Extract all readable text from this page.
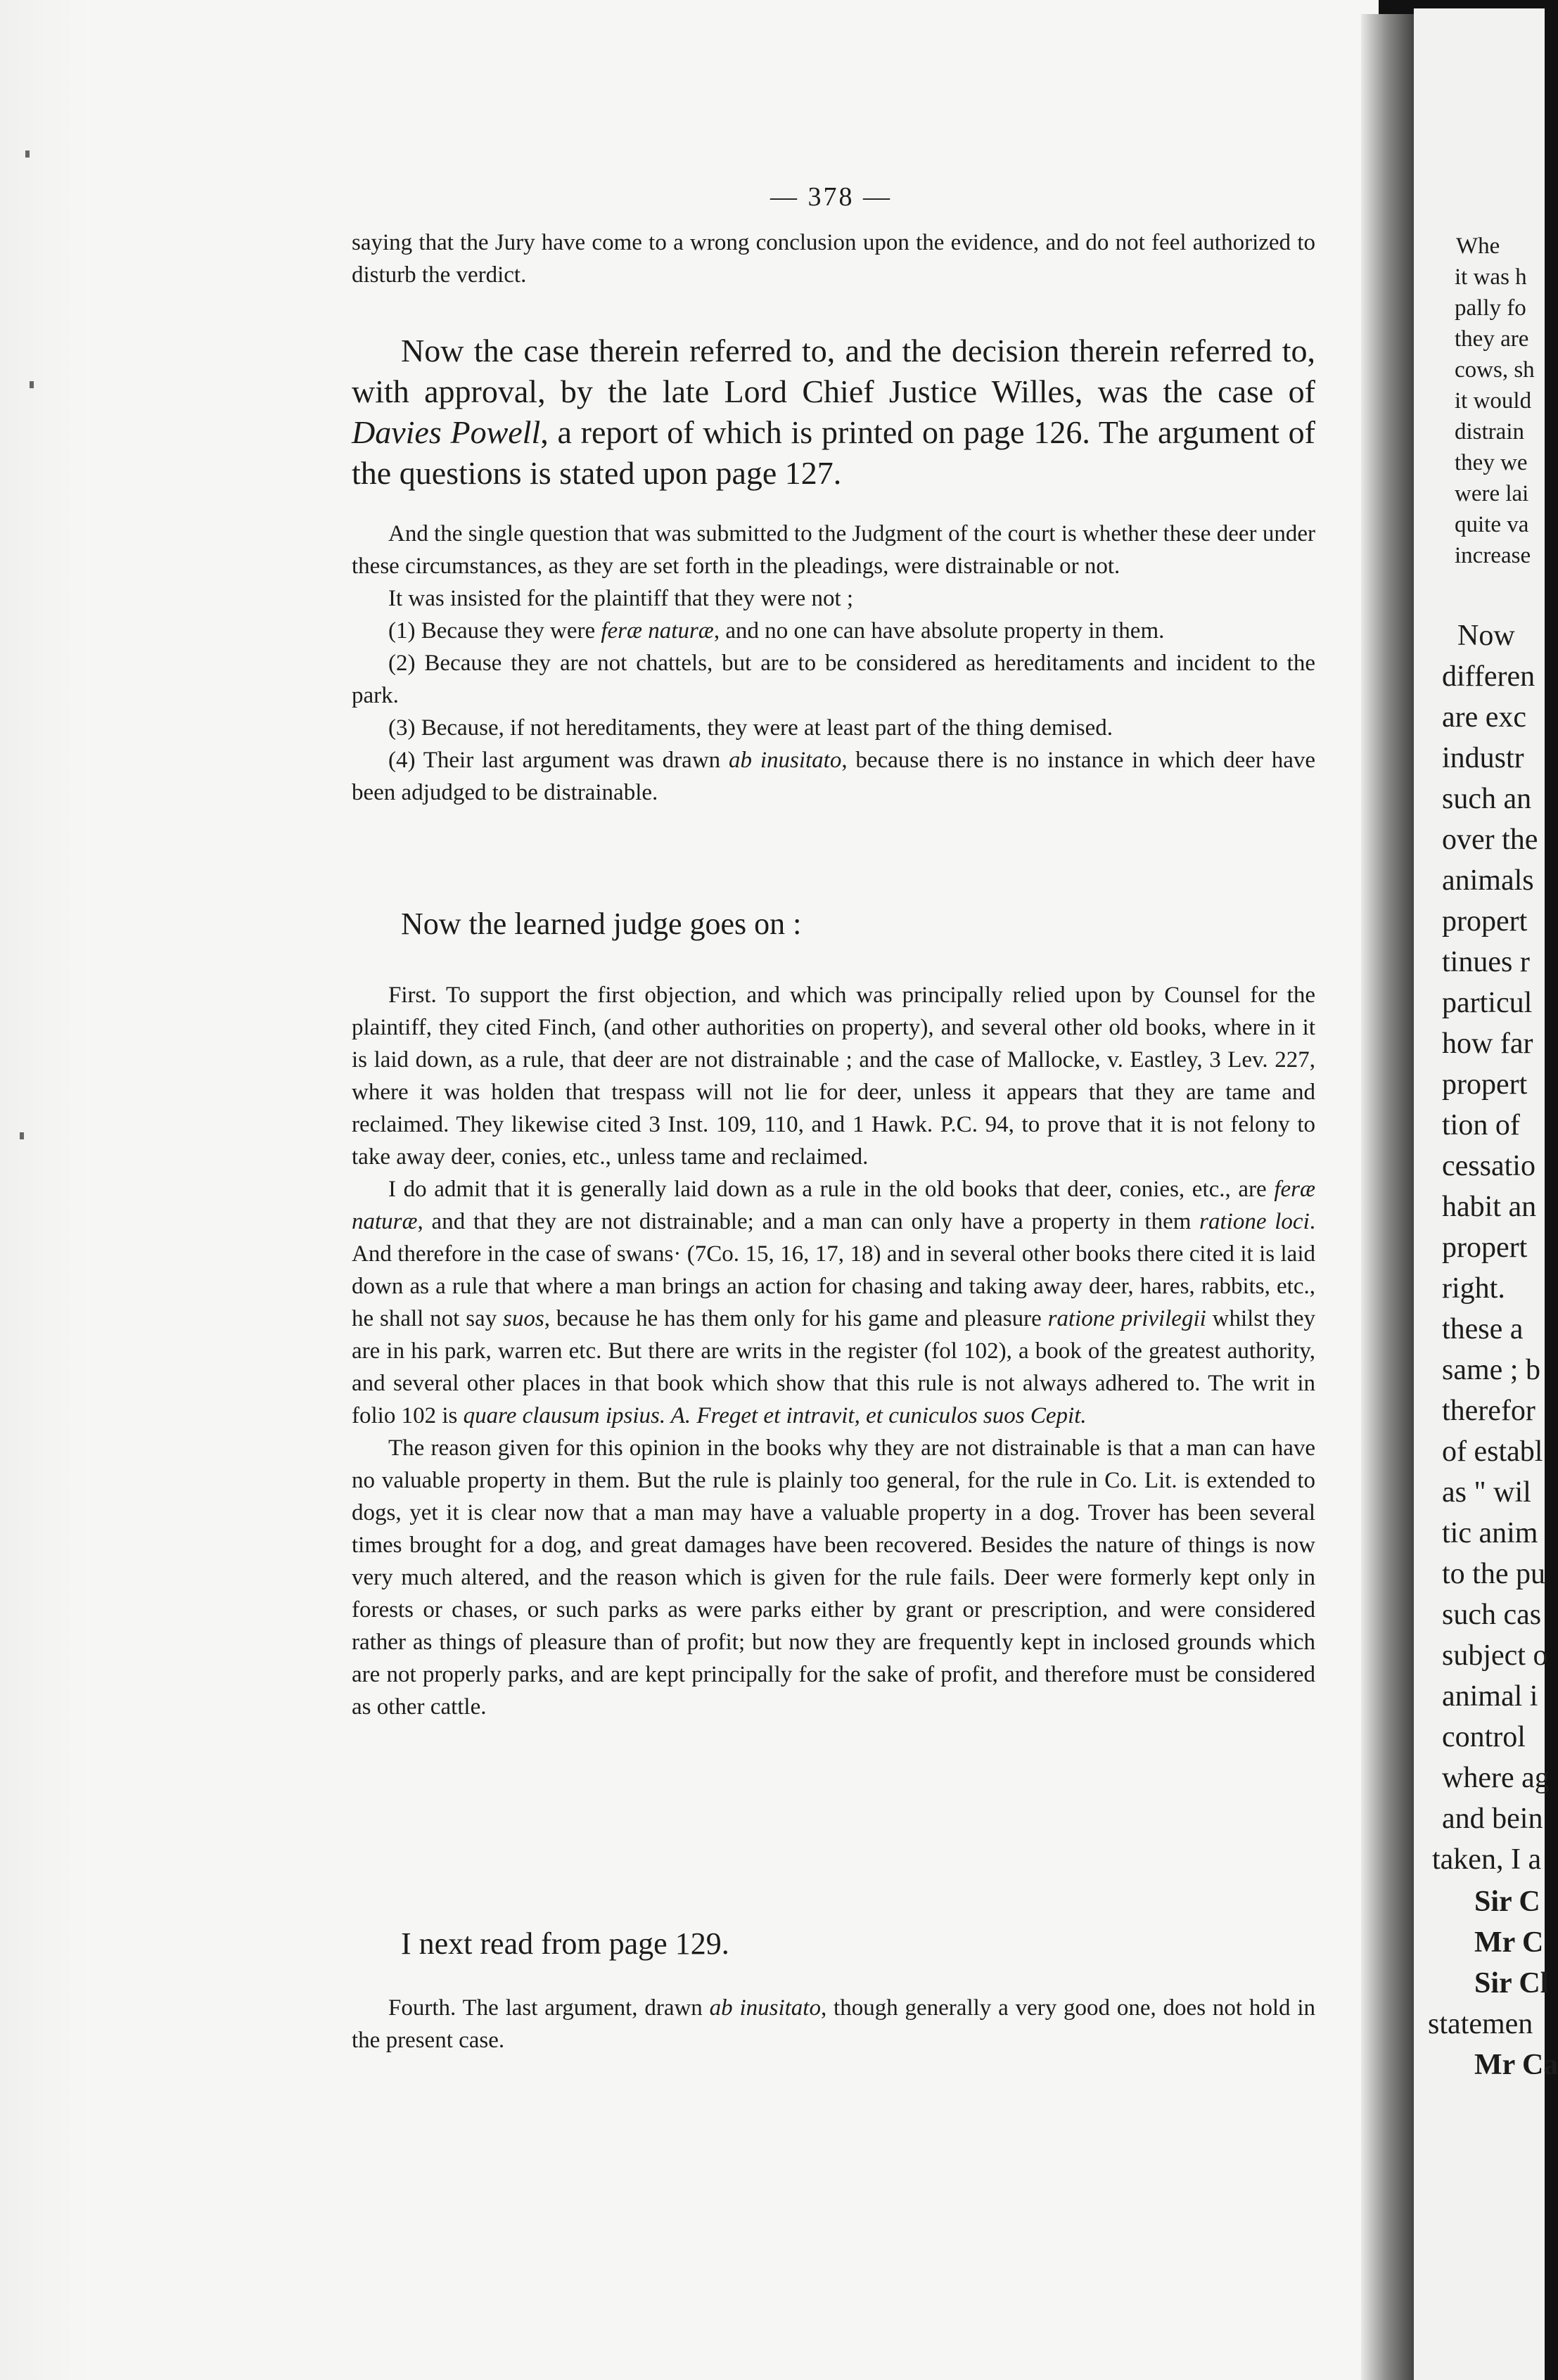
— 378 —

saying that the Jury have come to a wrong conclusion upon the evidence, and do not feel authorized to disturb the verdict.

Now the case therein referred to, and the decision therein referred to, with approval, by the late Lord Chief Justice Willes, was the case of Davies Powell, a report of which is printed on page 126. The argument of the questions is stated upon page 127.

And the single question that was submitted to the Judgment of the court is whether these deer under these circumstances, as they are set forth in the pleadings, were distrainable or not.

It was insisted for the plaintiff that they were not ;

(1) Because they were feræ naturæ, and no one can have absolute property in them.

(2) Because they are not chattels, but are to be considered as hereditaments and incident to the park.

(3) Because, if not hereditaments, they were at least part of the thing demised.

(4) Their last argument was drawn ab inusitato, because there is no instance in which deer have been adjudged to be distrainable.

Now the learned judge goes on :

First. To support the first objection, and which was principally relied upon by Counsel for the plaintiff, they cited Finch, (and other authorities on property), and several other old books, where in it is laid down, as a rule, that deer are not distrainable ; and the case of Mallocke, v. Eastley, 3 Lev. 227, where it was holden that trespass will not lie for deer, unless it appears that they are tame and reclaimed. They likewise cited 3 Inst. 109, 110, and 1 Hawk. P.C. 94, to prove that it is not felony to take away deer, conies, etc., unless tame and reclaimed.

I do admit that it is generally laid down as a rule in the old books that deer, conies, etc., are feræ naturæ, and that they are not distrainable; and a man can only have a property in them ratione loci. And therefore in the case of swans· (7Co. 15, 16, 17, 18) and in several other books there cited it is laid down as a rule that where a man brings an action for chasing and taking away deer, hares, rabbits, etc., he shall not say suos, because he has them only for his game and pleasure ratione privilegii whilst they are in his park, warren etc. But there are writs in the register (fol 102), a book of the greatest authority, and several other places in that book which show that this rule is not always adhered to. The writ in folio 102 is quare clausum ipsius. A. Freget et intravit, et cuniculos suos Cepit.

The reason given for this opinion in the books why they are not distrainable is that a man can have no valuable property in them. But the rule is plainly too general, for the rule in Co. Lit. is extended to dogs, yet it is clear now that a man may have a valuable property in a dog. Trover has been several times brought for a dog, and great damages have been recovered. Besides the nature of things is now very much altered, and the reason which is given for the rule fails. Deer were formerly kept only in forests or chases, or such parks as were parks either by grant or prescription, and were considered rather as things of pleasure than of profit; but now they are frequently kept in inclosed grounds which are not properly parks, and are kept principally for the sake of profit, and therefore must be considered as other cattle.

I next read from page 129.

Fourth. The last argument, drawn ab inusitato, though generally a very good one, does not hold in the present case.

Whe
it was h
pally fo
they are
cows, sh
it would
distrain
they we
were lai
quite va
increase
Now
differen
are exc
industr
such an
over the
animals
propert
tinues r
particul
how far
propert
tion of
cessatio
habit an
propert
right.
these a
same ; b
therefor
of establ
as " wil
tic anim
to the pu
such cas
subject o
animal i
control
where ag
and bein
taken, I a
Sir C
Mr C
Sir Cl
statemen
Mr Ca
